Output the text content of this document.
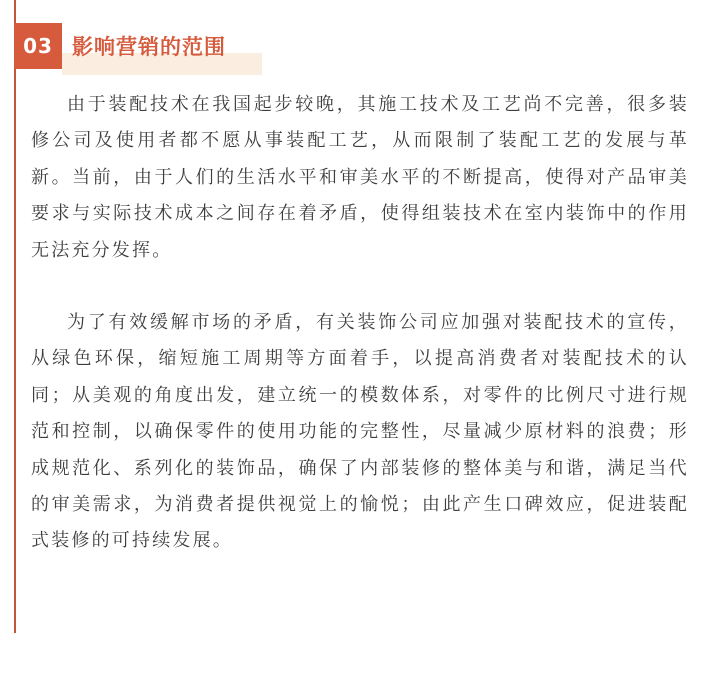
03 影响营销的范围

由于装配技术在我国起步较晚，其施工技术及工艺尚不完善，很多装修公司及使用者都不愿从事装配工艺，从而限制了装配工艺的发展与革新。当前，由于人们的生活水平和审美水平的不断提高，使得对产品审美要求与实际技术成本之间存在着矛盾，使得组装技术在室内装饰中的作用无法充分发挥。

为了有效缓解市场的矛盾，有关装饰公司应加强对装配技术的宣传，从绿色环保，缩短施工周期等方面着手，以提高消费者对装配技术的认同；从美观的角度出发，建立统一的模数体系，对零件的比例尺寸进行规范和控制，以确保零件的使用功能的完整性，尽量减少原材料的浪费；形成规范化、系列化的装饰品，确保了内部装修的整体美与和谐，满足当代的审美需求，为消费者提供视觉上的愉悦；由此产生口碑效应，促进装配式装修的可持续发展。
